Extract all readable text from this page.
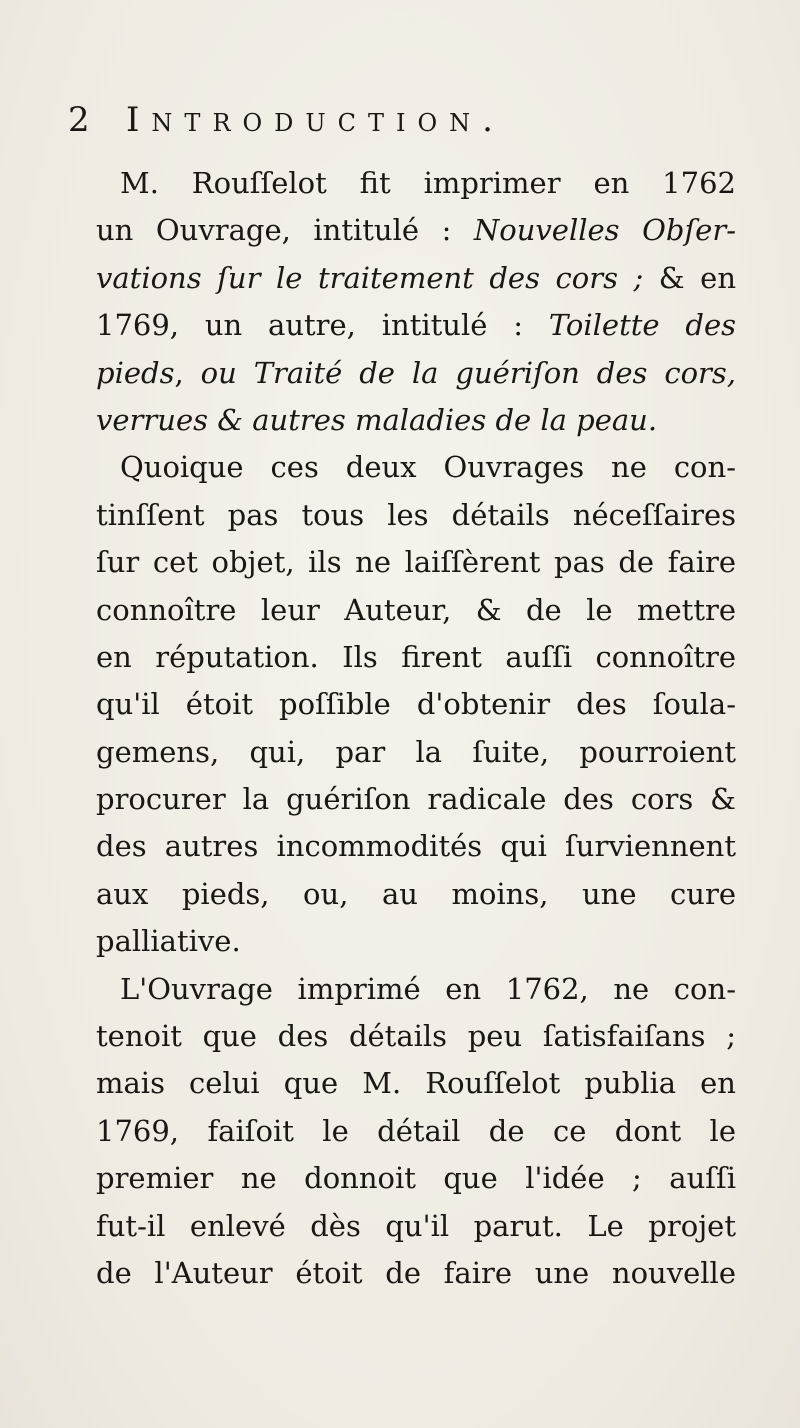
2 Introduction.
M. Rouſſelot fit imprimer en 1762
un Ouvrage, intitulé : Nouvelles Obſer-
vations ſur le traitement des cors ; & en
1769, un autre, intitulé : Toilette des
pieds, ou Traité de la guériſon des cors,
verrues & autres maladies de la peau.
Quoique ces deux Ouvrages ne con-
tinſſent pas tous les détails néceſſaires
ſur cet objet, ils ne laiſſèrent pas de faire
connoître leur Auteur, & de le mettre
en réputation. Ils firent auſſi connoître
qu'il étoit poſſible d'obtenir des ſoula-
gemens, qui, par la ſuite, pourroient
procurer la guériſon radicale des cors &
des autres incommodités qui ſurviennent
aux pieds, ou, au moins, une cure
palliative.
L'Ouvrage imprimé en 1762, ne con-
tenoit que des détails peu ſatisfaiſans ;
mais celui que M. Rouſſelot publia en
1769, faiſoit le détail de ce dont le
premier ne donnoit que l'idée ; auſſi
fut-il enlevé dès qu'il parut. Le projet
de l'Auteur étoit de faire une nouvelle
